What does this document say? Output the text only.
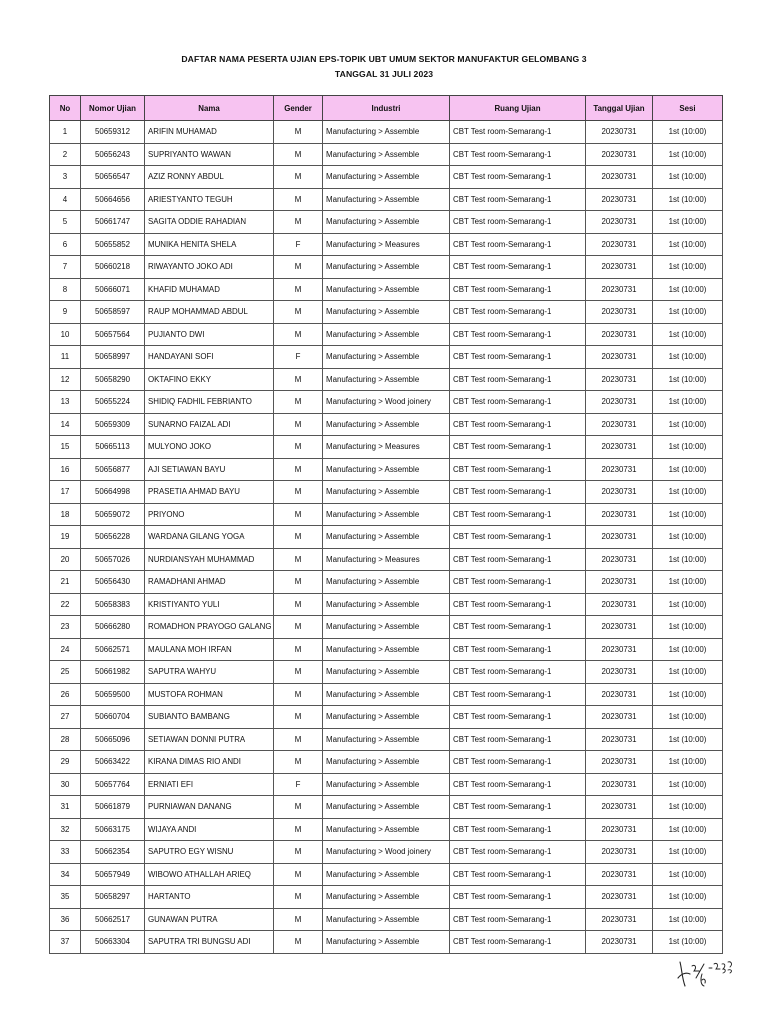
DAFTAR NAMA PESERTA UJIAN EPS-TOPIK UBT UMUM SEKTOR MANUFAKTUR GELOMBANG 3
TANGGAL 31 JULI 2023
No	Nomor Ujian	Nama	Gender	Industri	Ruang Ujian	Tanggal Ujian	Sesi
1	50659312	ARIFIN MUHAMAD	M	Manufacturing > Assemble	CBT Test room-Semarang-1	20230731	1st (10:00)
2	50656243	SUPRIYANTO WAWAN	M	Manufacturing > Assemble	CBT Test room-Semarang-1	20230731	1st (10:00)
3	50656547	AZIZ RONNY ABDUL	M	Manufacturing > Assemble	CBT Test room-Semarang-1	20230731	1st (10:00)
4	50664656	ARIESTYANTO TEGUH	M	Manufacturing > Assemble	CBT Test room-Semarang-1	20230731	1st (10:00)
5	50661747	SAGITA ODDIE RAHADIAN	M	Manufacturing > Assemble	CBT Test room-Semarang-1	20230731	1st (10:00)
6	50655852	MUNIKA HENITA SHELA	F	Manufacturing > Measures	CBT Test room-Semarang-1	20230731	1st (10:00)
7	50660218	RIWAYANTO JOKO ADI	M	Manufacturing > Assemble	CBT Test room-Semarang-1	20230731	1st (10:00)
8	50666071	KHAFID MUHAMAD	M	Manufacturing > Assemble	CBT Test room-Semarang-1	20230731	1st (10:00)
9	50658597	RAUP MOHAMMAD ABDUL	M	Manufacturing > Assemble	CBT Test room-Semarang-1	20230731	1st (10:00)
10	50657564	PUJIANTO DWI	M	Manufacturing > Assemble	CBT Test room-Semarang-1	20230731	1st (10:00)
11	50658997	HANDAYANI SOFI	F	Manufacturing > Assemble	CBT Test room-Semarang-1	20230731	1st (10:00)
12	50658290	OKTAFINO EKKY	M	Manufacturing > Assemble	CBT Test room-Semarang-1	20230731	1st (10:00)
13	50655224	SHIDIQ FADHIL FEBRIANTO	M	Manufacturing > Wood joinery	CBT Test room-Semarang-1	20230731	1st (10:00)
14	50659309	SUNARNO FAIZAL ADI	M	Manufacturing > Assemble	CBT Test room-Semarang-1	20230731	1st (10:00)
15	50665113	MULYONO JOKO	M	Manufacturing > Measures	CBT Test room-Semarang-1	20230731	1st (10:00)
16	50656877	AJI SETIAWAN BAYU	M	Manufacturing > Assemble	CBT Test room-Semarang-1	20230731	1st (10:00)
17	50664998	PRASETIA AHMAD BAYU	M	Manufacturing > Assemble	CBT Test room-Semarang-1	20230731	1st (10:00)
18	50659072	PRIYONO	M	Manufacturing > Assemble	CBT Test room-Semarang-1	20230731	1st (10:00)
19	50656228	WARDANA GILANG YOGA	M	Manufacturing > Assemble	CBT Test room-Semarang-1	20230731	1st (10:00)
20	50657026	NURDIANSYAH MUHAMMAD	M	Manufacturing > Measures	CBT Test room-Semarang-1	20230731	1st (10:00)
21	50656430	RAMADHANI AHMAD	M	Manufacturing > Assemble	CBT Test room-Semarang-1	20230731	1st (10:00)
22	50658383	KRISTIYANTO YULI	M	Manufacturing > Assemble	CBT Test room-Semarang-1	20230731	1st (10:00)
23	50666280	ROMADHON PRAYOGO GALANG	M	Manufacturing > Assemble	CBT Test room-Semarang-1	20230731	1st (10:00)
24	50662571	MAULANA MOH IRFAN	M	Manufacturing > Assemble	CBT Test room-Semarang-1	20230731	1st (10:00)
25	50661982	SAPUTRA WAHYU	M	Manufacturing > Assemble	CBT Test room-Semarang-1	20230731	1st (10:00)
26	50659500	MUSTOFA ROHMAN	M	Manufacturing > Assemble	CBT Test room-Semarang-1	20230731	1st (10:00)
27	50660704	SUBIANTO BAMBANG	M	Manufacturing > Assemble	CBT Test room-Semarang-1	20230731	1st (10:00)
28	50665096	SETIAWAN DONNI PUTRA	M	Manufacturing > Assemble	CBT Test room-Semarang-1	20230731	1st (10:00)
29	50663422	KIRANA DIMAS RIO ANDI	M	Manufacturing > Assemble	CBT Test room-Semarang-1	20230731	1st (10:00)
30	50657764	ERNIATI EFI	F	Manufacturing > Assemble	CBT Test room-Semarang-1	20230731	1st (10:00)
31	50661879	PURNIAWAN DANANG	M	Manufacturing > Assemble	CBT Test room-Semarang-1	20230731	1st (10:00)
32	50663175	WIJAYA ANDI	M	Manufacturing > Assemble	CBT Test room-Semarang-1	20230731	1st (10:00)
33	50662354	SAPUTRO EGY WISNU	M	Manufacturing > Wood joinery	CBT Test room-Semarang-1	20230731	1st (10:00)
34	50657949	WIBOWO ATHALLAH ARIEQ	M	Manufacturing > Assemble	CBT Test room-Semarang-1	20230731	1st (10:00)
35	50658297	HARTANTO	M	Manufacturing > Assemble	CBT Test room-Semarang-1	20230731	1st (10:00)
36	50662517	GUNAWAN PUTRA	M	Manufacturing > Assemble	CBT Test room-Semarang-1	20230731	1st (10:00)
37	50663304	SAPUTRA TRI BUNGSU ADI	M	Manufacturing > Assemble	CBT Test room-Semarang-1	20230731	1st (10:00)
